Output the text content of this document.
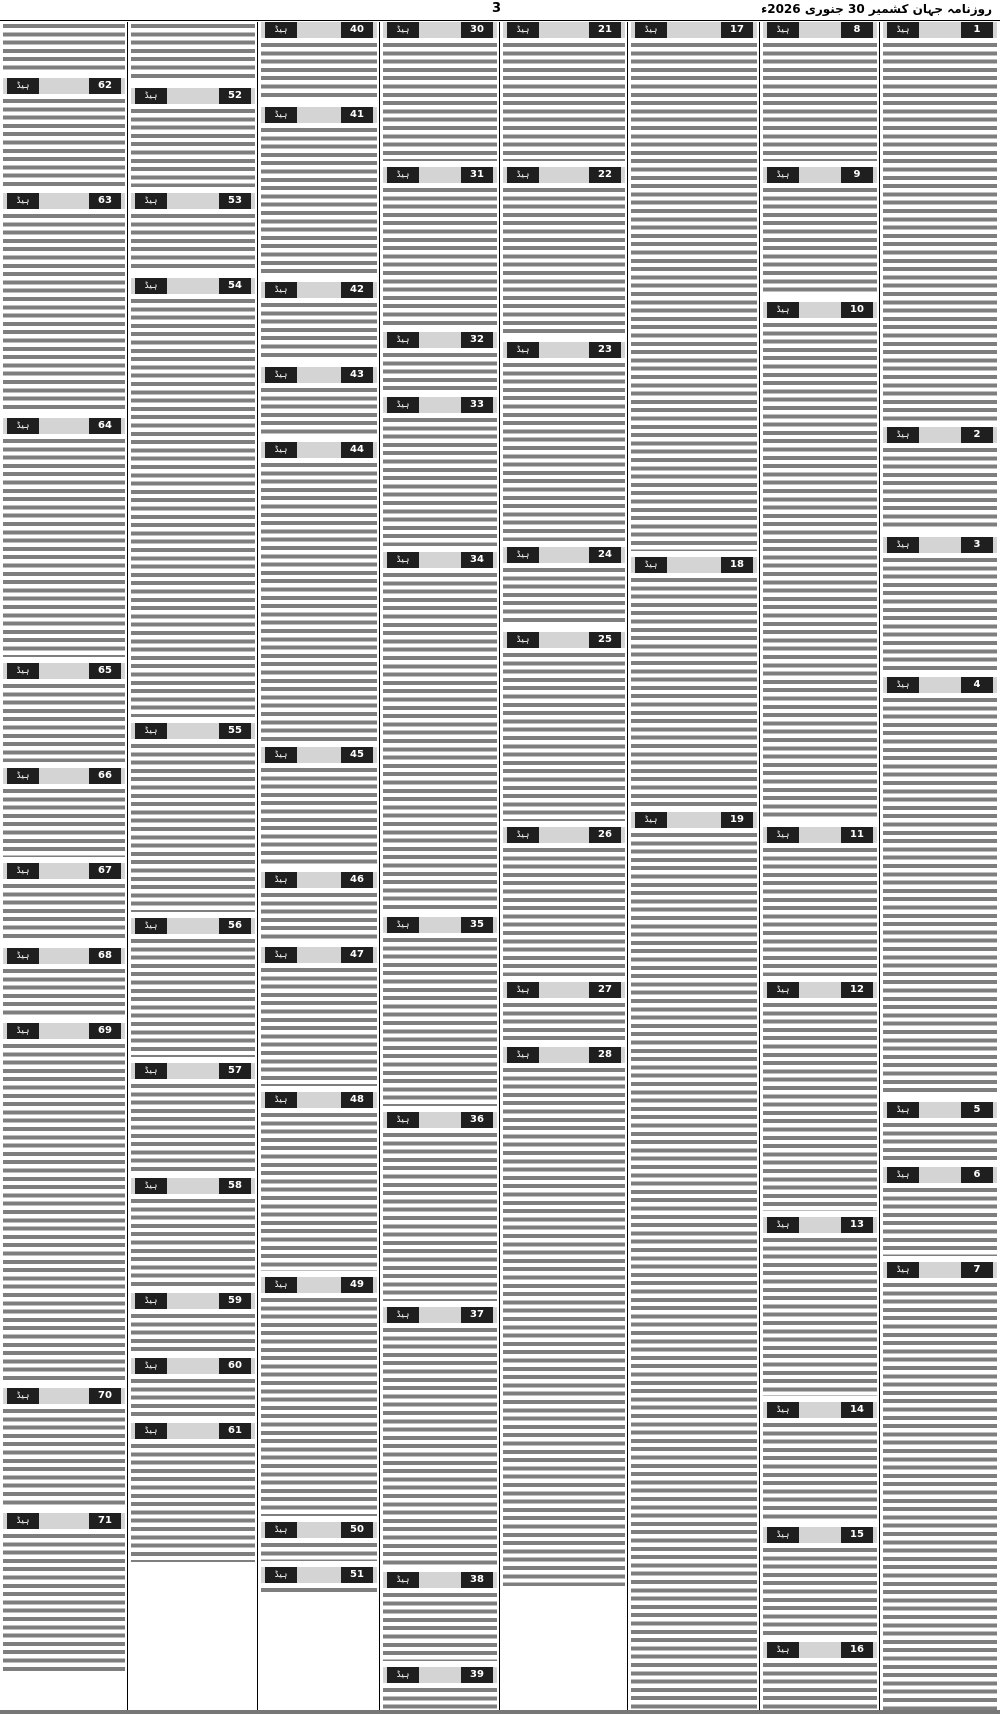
روزنامہ جہان کشمیر 30 جنوری 2026ء
3
1
ہیڈ
2
ہیڈ
3
ہیڈ
4
ہیڈ
5
ہیڈ
6
ہیڈ
7
ہیڈ
8
ہیڈ
9
ہیڈ
10
ہیڈ
11
ہیڈ
12
ہیڈ
13
ہیڈ
14
ہیڈ
15
ہیڈ
16
ہیڈ
17
ہیڈ
18
ہیڈ
19
ہیڈ
21
ہیڈ
22
ہیڈ
23
ہیڈ
24
ہیڈ
25
ہیڈ
26
ہیڈ
27
ہیڈ
28
ہیڈ
30
ہیڈ
31
ہیڈ
32
ہیڈ
33
ہیڈ
34
ہیڈ
35
ہیڈ
36
ہیڈ
37
ہیڈ
38
ہیڈ
39
ہیڈ
40
ہیڈ
41
ہیڈ
42
ہیڈ
43
ہیڈ
44
ہیڈ
45
ہیڈ
46
ہیڈ
47
ہیڈ
48
ہیڈ
49
ہیڈ
50
ہیڈ
51
ہیڈ
52
ہیڈ
53
ہیڈ
54
ہیڈ
55
ہیڈ
56
ہیڈ
57
ہیڈ
58
ہیڈ
59
ہیڈ
60
ہیڈ
61
ہیڈ
62
ہیڈ
63
ہیڈ
64
ہیڈ
65
ہیڈ
66
ہیڈ
67
ہیڈ
68
ہیڈ
69
ہیڈ
70
ہیڈ
71
ہیڈ
